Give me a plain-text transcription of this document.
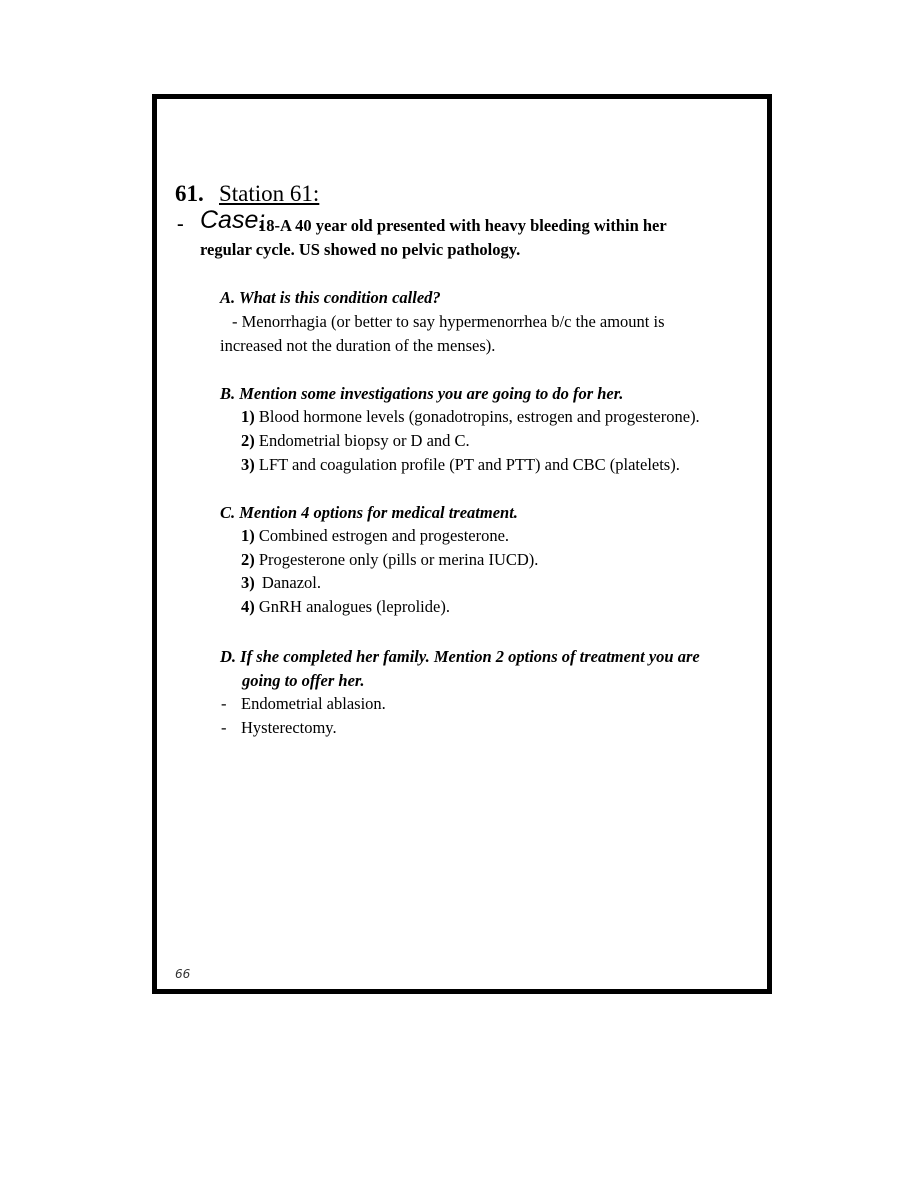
61. Station 61:
- Case:
18-A 40 year old presented with heavy bleeding within her
regular cycle. US showed no pelvic pathology.
A. What is this condition called?
- Menorrhagia (or better to say hypermenorrhea b/c the amount is
increased not the duration of the menses).
B. Mention some investigations you are going to do for her.
1) Blood hormone levels (gonadotropins, estrogen and progesterone).
2) Endometrial biopsy or D and C.
3) LFT and coagulation profile (PT and PTT) and CBC (platelets).
C. Mention 4 options for medical treatment.
1) Combined estrogen and progesterone.
2) Progesterone only (pills or merina IUCD).
3) Danazol.
4) GnRH analogues (leprolide).
D. If she completed her family. Mention 2 options of treatment you are
going to offer her.
- Endometrial ablasion.
- Hysterectomy.
66
